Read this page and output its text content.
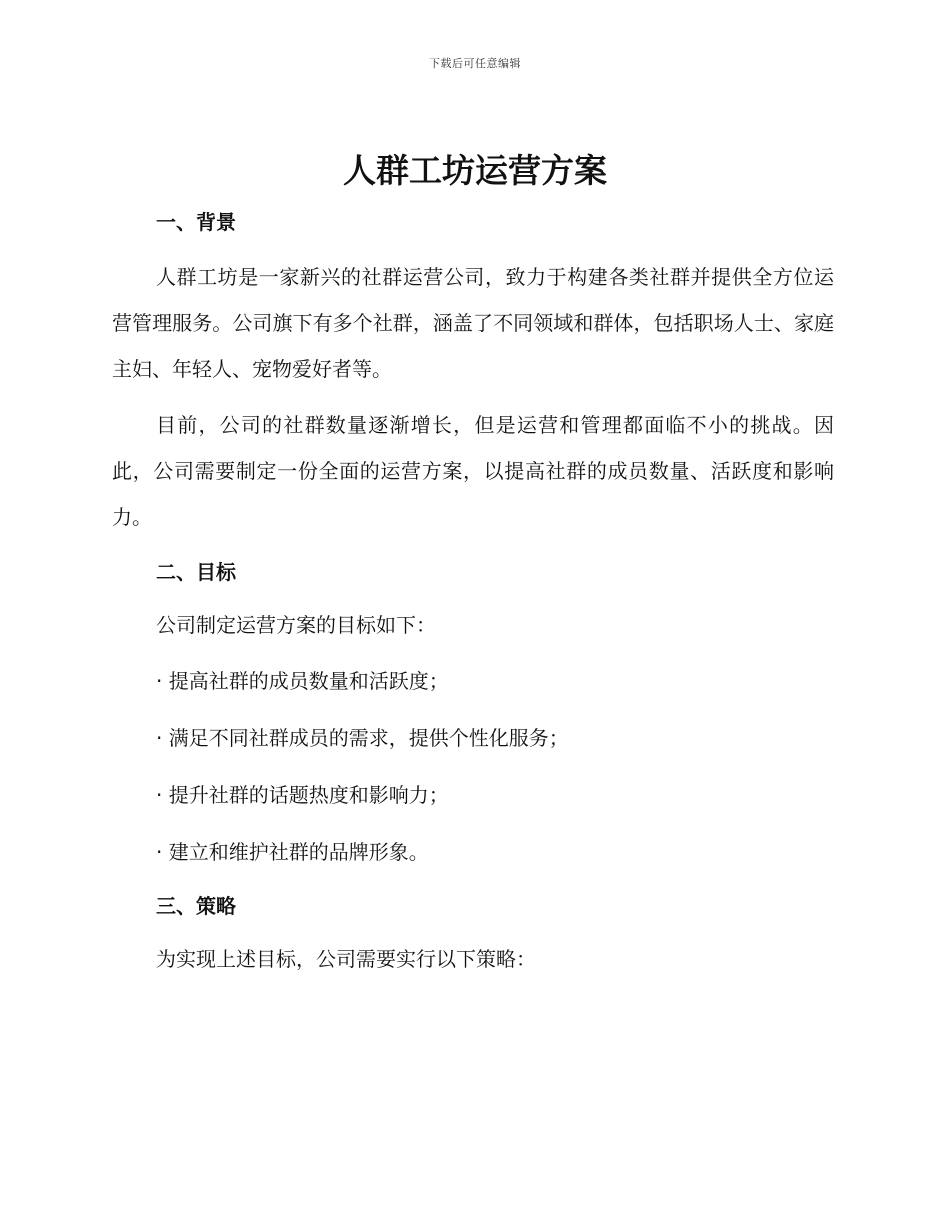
下载后可任意编辑
人群工坊运营方案
一、背景

人群工坊是一家新兴的社群运营公司，致力于构建各类社群并提供全方位运营管理服务。公司旗下有多个社群，涵盖了不同领域和群体，包括职场人士、家庭主妇、年轻人、宠物爱好者等。

目前，公司的社群数量逐渐增长，但是运营和管理都面临不小的挑战。因此，公司需要制定一份全面的运营方案，以提高社群的成员数量、活跃度和影响力。

二、目标

公司制定运营方案的目标如下：

· 提高社群的成员数量和活跃度；

· 满足不同社群成员的需求，提供个性化服务；

· 提升社群的话题热度和影响力；

· 建立和维护社群的品牌形象。

三、策略

为实现上述目标，公司需要实行以下策略：
